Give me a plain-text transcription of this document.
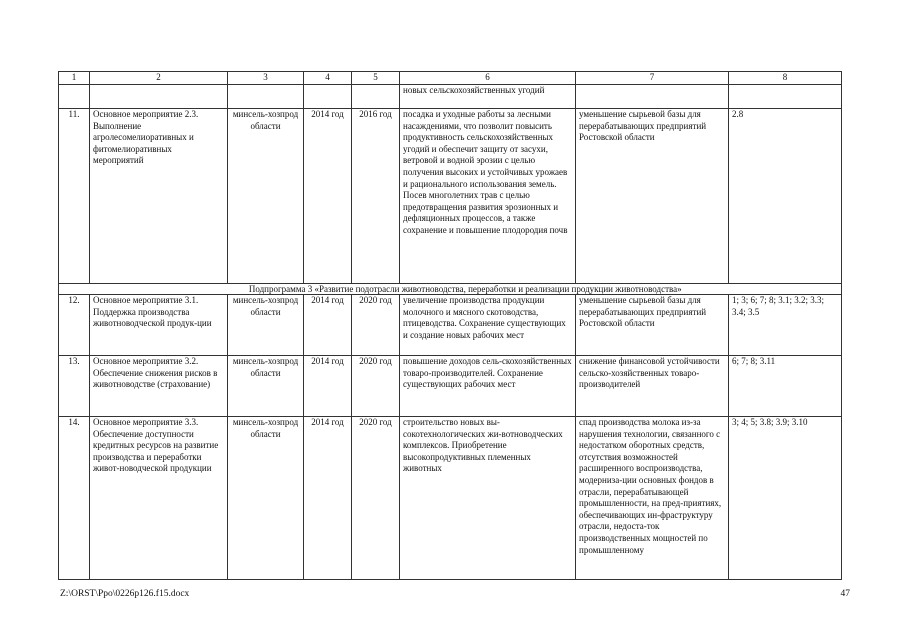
1	2	3	4	5	6	7	8
					новых сельскохозяйственных угодий		
11.	Основное мероприятие 2.3. Выполнение агролесомелиоративных и фитомелиоративных мероприятий	минсель-хозпрод области	2014 год	2016 год	посадка и уходные работы за лесными насаждениями, что позволит повысить продуктивность сельскохозяйственных угодий и обеспечит защиту от засухи, ветровой и водной эрозии с целью получения высоких и устойчивых урожаев и рационального использования земель. Посев многолетних трав с целью предотвращения развития эрозионных и дефляционных процессов, а также сохранение и повышение плодородия почв	уменьшение сырьевой базы для перерабатывающих предприятий Ростовской области	2.8
	Подпрограмма 3 «Развитие подотрасли животноводства, переработки и реализации продукции животноводства»						
12.	Основное мероприятие 3.1. Поддержка производства животноводческой продук-ции	минсель-хозпрод области	2014 год	2020 год	увеличение производства продукции молочного и мясного скотоводства, птицеводства. Сохранение существующих и создание новых рабочих мест	уменьшение сырьевой базы для перерабатывающих предприятий Ростовской области	1; 3; 6; 7; 8; 3.1; 3.2; 3.3; 3.4; 3.5
13.	Основное мероприятие 3.2. Обеспечение снижения рисков в животноводстве (страхование)	минсель-хозпрод области	2014 год	2020 год	повышение доходов сель-скохозяйственных товаро-производителей. Сохранение существующих рабочих мест	снижение финансовой устойчивости сельско-хозяйственных товаро-производителей	6; 7; 8; 3.11
14.	Основное мероприятие 3.3. Обеспечение доступности кредитных ресурсов на развитие производства и переработки живот-новодческой продукции	минсель-хозпрод области	2014 год	2020 год	строительство новых вы-сокотехнологических жи-вотноводческих комплексов. Приобретение высокопродуктивных племенных животных	спад производства молока из-за нарушения технологии, связанного с недостатком оборотных средств, отсутствия возможностей расширенного воспроизводства, модерниза-ции основных фондов в отрасли, перерабатывающей промышленности, на пред-приятиях, обеспечивающих ин-фраструктуру отрасли, недоста-ток производственных мощностей по промышленному	3; 4; 5; 3.8; 3.9; 3.10
Z:\ORST\Ppo\0226p126.f15.docx	47
